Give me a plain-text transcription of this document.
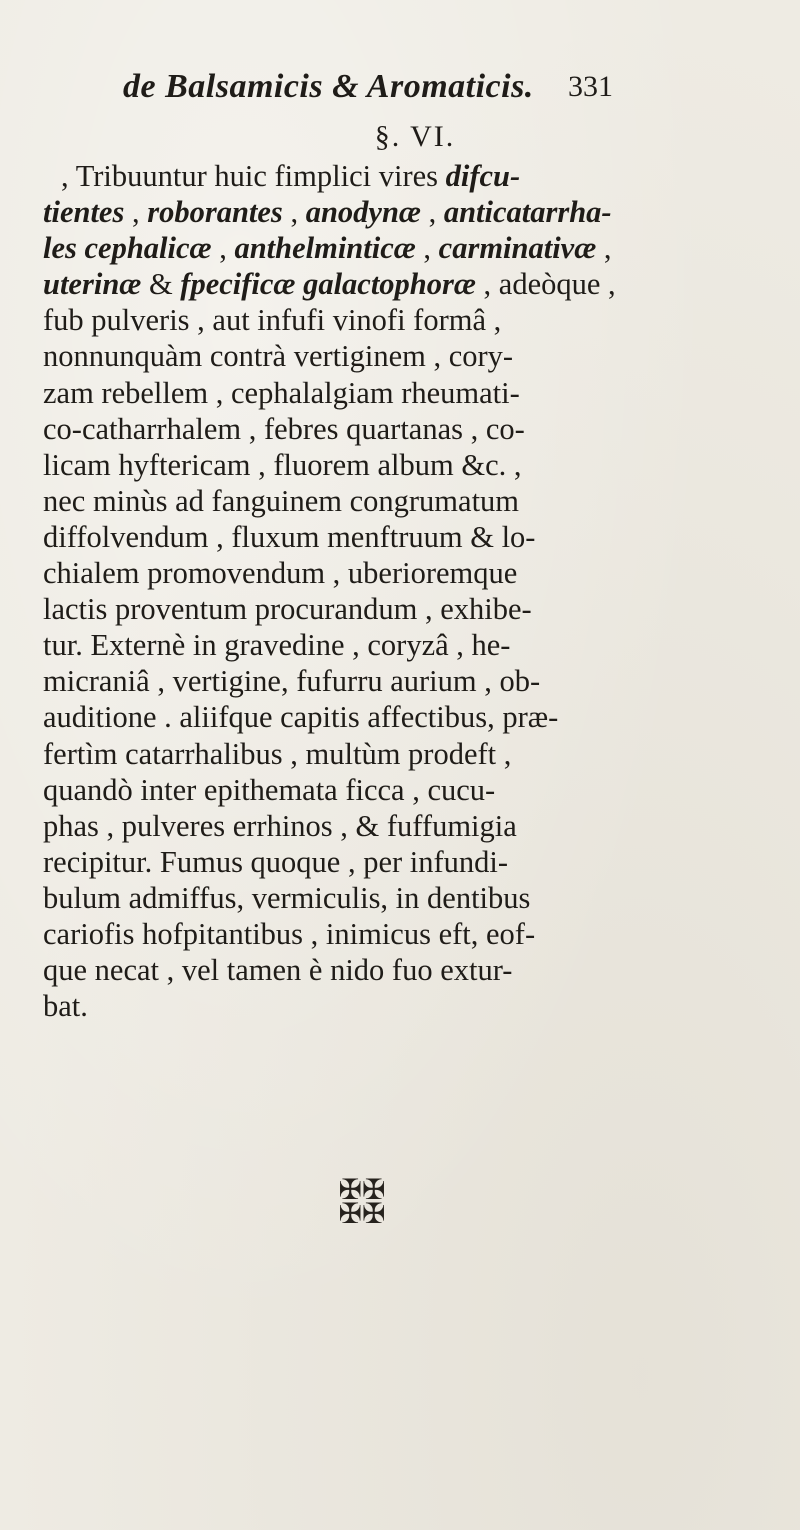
de Balsamicis & Aromaticis. 331
§. VI.
, Tribuuntur huic fimplici vires difcu-
tientes , roborantes , anodynæ , anticatarrha-
les cephalicæ , anthelminticæ , carminativæ ,
uterinæ & fpecificæ galactophoræ , adeòque ,
fub pulveris , aut infufi vinofi formâ ,
nonnunquàm contrà vertiginem , cory-
zam rebellem , cephalalgiam rheumati-
co-catharrhalem , febres quartanas , co-
licam hyftericam , fluorem album &c. ,
nec minùs ad fanguinem congrumatum
diffolvendum , fluxum menftruum & lo-
chialem promovendum , uberioremque
lactis proventum procurandum , exhibe-
tur. Externè in gravedine , coryzâ , he-
micraniâ , vertigine, fufurru aurium , ob-
auditione . aliifque capitis affectibus, præ-
fertìm catarrhalibus , multùm prodeft ,
quandò inter epithemata ficca , cucu-
phas , pulveres errhinos , & fuffumigia
recipitur. Fumus quoque , per infundi-
bulum admiffus, vermiculis, in dentibus
cariofis hofpitantibus , inimicus eft, eof-
que necat , vel tamen è nido fuo extur-
bat.
✠✠
✠✠
